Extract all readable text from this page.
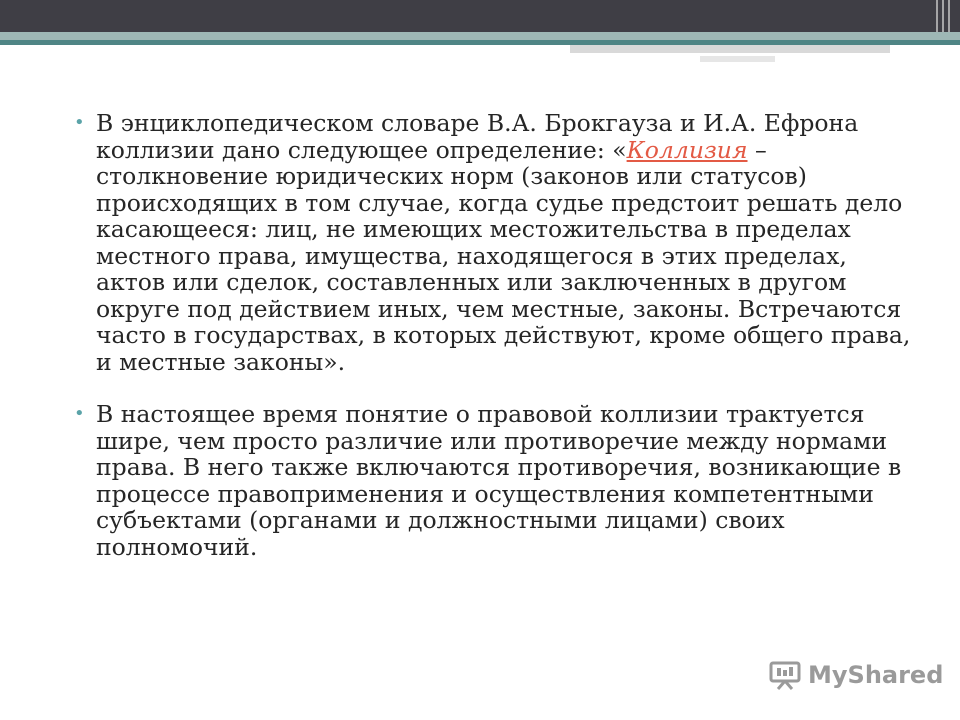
• В энциклопедическом словаре В.А. Брокгауза и И.А. Ефрона коллизии дано следующее определение: «Коллизия – столкновение юридических норм (законов или статусов) происходящих в том случае, когда судье предстоит решать дело касающееся: лиц, не имеющих местожительства в пределах местного права, имущества, находящегося в этих пределах, актов или сделок, составленных или заключенных в другом округе под действием иных, чем местные, законы. Встречаются часто в государствах, в которых действуют, кроме общего права, и местные законы».

• В настоящее время понятие о правовой коллизии трактуется шире, чем просто различие или противоречие между нормами права. В него также включаются противоречия, возникающие в процессе правоприменения и осуществления компетентными субъектами (органами и должностными лицами) своих полномочий.

MyShared
